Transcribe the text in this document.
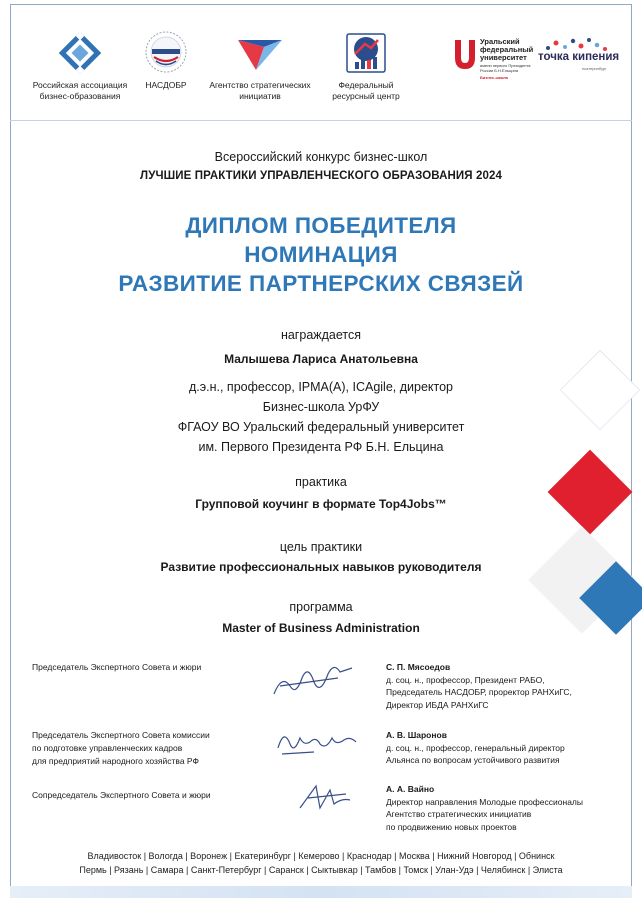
Российская ассоциация
бизнес-образования
НАСДОБР	Агентство стратегических
инициатив
Федеральный
ресурсный центр
Уральский
федеральный
университет
имени первого Президента России Б.Н.Ельцина
Бизнес-школа
точка кипения
екатеринбург
Всероссийский конкурс бизнес-школ
ЛУЧШИЕ ПРАКТИКИ УПРАВЛЕНЧЕСКОГО ОБРАЗОВАНИЯ 2024
ДИПЛОМ ПОБЕДИТЕЛЯ
НОМИНАЦИЯ
РАЗВИТИЕ ПАРТНЕРСКИХ СВЯЗЕЙ
награждается
Малышева Лариса Анатольевна
д.э.н., профессор, IPMA(A), ICAgile, директор
Бизнес-школа УрФУ
ФГАОУ ВО Уральский федеральный университет
им. Первого Президента РФ Б.Н. Ельцина
практика
Групповой коучинг в формате Top4Jobs™
цель практики
Развитие профессиональных навыков руководителя
программа
Master of Business Administration
Председатель Экспертного Совета и жюри	С. П. Мясоедов
д. соц. н., профессор, Президент РАБО,
Председатель НАСДОБР, проректор РАНХиГС,
Директор ИБДА РАНХиГС
Председатель Экспертного Совета комиссии
по подготовке управленческих кадров
для предприятий народного хозяйства РФ
А. В. Шаронов
д. соц. н., профессор, генеральный директор
Альянса по вопросам устойчивого развития
Сопредседатель Экспертного Совета и жюри
А. А. Вайно
Директор направления Молодые профессионалы
Агентство стратегических инициатив
по продвижению новых проектов
Владивосток | Вологда | Воронеж | Екатеринбург | Кемерово | Краснодар | Москва | Нижний Новгород | Обнинск
Пермь | Рязань | Самара | Санкт-Петербург | Саранск | Сыктывкар | Тамбов | Томск | Улан-Удэ | Челябинск | Элиста
